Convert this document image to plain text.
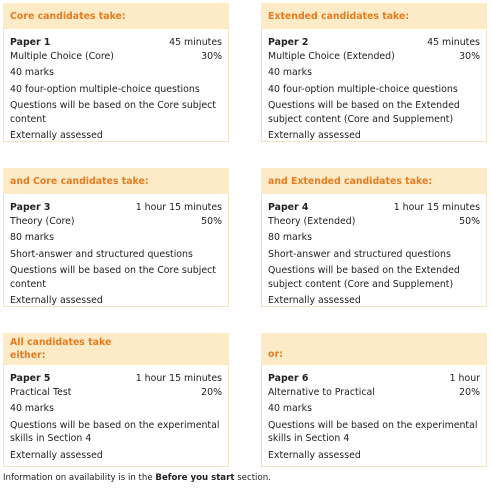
Core candidates take:
Paper 1	45 minutes
Multiple Choice (Core)	30%
40 marks
40 four-option multiple-choice questions
Questions will be based on the Core subject
content
Externally assessed
Extended candidates take:
Paper 2	45 minutes
Multiple Choice (Extended)	30%
40 marks
40 four-option multiple-choice questions
Questions will be based on the Extended
subject content (Core and Supplement)
Externally assessed
and Core candidates take:
Paper 3	1 hour 15 minutes
Theory (Core)	50%
80 marks
Short-answer and structured questions
Questions will be based on the Core subject
content
Externally assessed
and Extended candidates take:
Paper 4	1 hour 15 minutes
Theory (Extended)	50%
80 marks
Short-answer and structured questions
Questions will be based on the Extended
subject content (Core and Supplement)
Externally assessed
All candidates take
either:
Paper 5	1 hour 15 minutes
Practical Test	20%
40 marks
Questions will be based on the experimental
skills in Section 4
Externally assessed
or:
Paper 6	1 hour
Alternative to Practical	20%
40 marks
Questions will be based on the experimental
skills in Section 4
Externally assessed
Information on availability is in the Before you start section.
